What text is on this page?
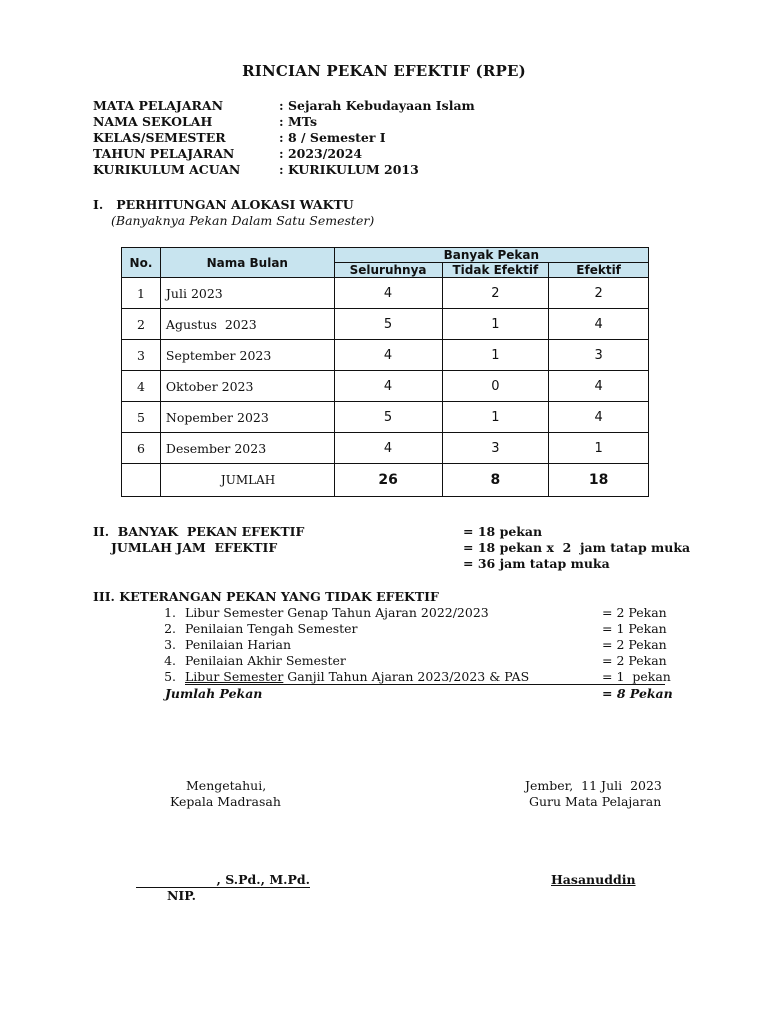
RINCIAN PEKAN EFEKTIF (RPE)
MATA PELAJARAN	: Sejarah Kebudayaan Islam
NAMA SEKOLAH	: MTs
KELAS/SEMESTER	: 8 / Semester I
TAHUN PELAJARAN	: 2023/2024
KURIKULUM ACUAN	: KURIKULUM 2013
I.   PERHITUNGAN ALOKASI WAKTU
(Banyaknya Pekan Dalam Satu Semester)
No.	Nama Bulan	Banyak Pekan		
		Seluruhnya	Tidak Efektif	Efektif
1	Juli 2023	4	2	2
2	Agustus  2023	5	1	4
3	September 2023	4	1	3
4	Oktober 2023	4	0	4
5	Nopember 2023	5	1	4
6	Desember 2023	4	3	1
	JUMLAH	26	8	18
II.  BANYAK  PEKAN EFEKTIF	= 18 pekan
JUMLAH JAM  EFEKTIF	= 18 pekan x  2  jam tatap muka
= 36 jam tatap muka
III. KETERANGAN PEKAN YANG TIDAK EFEKTIF
1. Libur Semester Genap Tahun Ajaran 2022/2023	= 2 Pekan
2. Penilaian Tengah Semester	= 1 Pekan
3. Penilaian Harian	= 2 Pekan
4. Penilaian Akhir Semester	= 2 Pekan
5. Libur Semester Ganjil Tahun Ajaran 2023/2023 & PAS	= 1  pekan
Jumlah Pekan	= 8 Pekan
Mengetahui,
Kepala Madrasah
Jember,  11 Juli  2023
Guru Mata Pelajaran
, S.Pd., M.Pd.
NIP.
Hasanuddin
